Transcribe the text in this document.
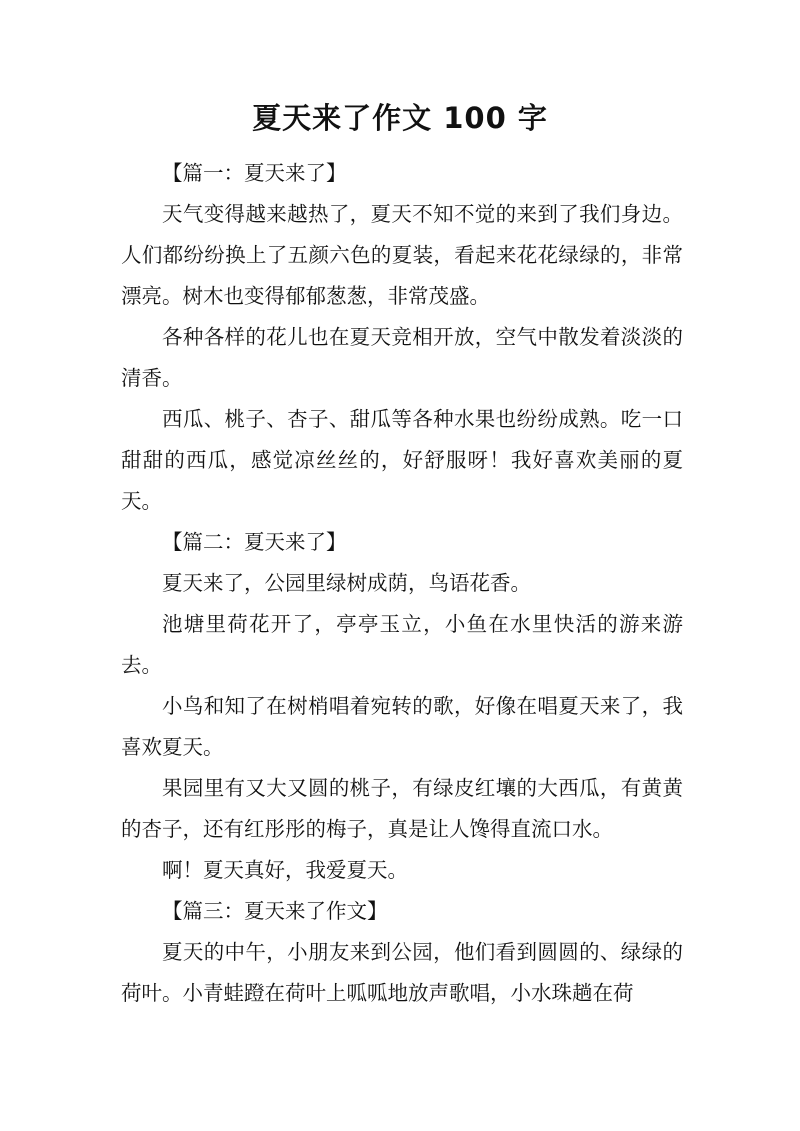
夏天来了作文 100 字

【篇一：夏天来了】

天气变得越来越热了，夏天不知不觉的来到了我们身边。人们都纷纷换上了五颜六色的夏装，看起来花花绿绿的，非常漂亮。树木也变得郁郁葱葱，非常茂盛。

各种各样的花儿也在夏天竞相开放，空气中散发着淡淡的清香。

西瓜、桃子、杏子、甜瓜等各种水果也纷纷成熟。吃一口甜甜的西瓜，感觉凉丝丝的，好舒服呀！我好喜欢美丽的夏天。

【篇二：夏天来了】

夏天来了，公园里绿树成荫，鸟语花香。

池塘里荷花开了，亭亭玉立，小鱼在水里快活的游来游去。

小鸟和知了在树梢唱着宛转的歌，好像在唱夏天来了，我喜欢夏天。

果园里有又大又圆的桃子，有绿皮红壤的大西瓜，有黄黄的杏子，还有红彤彤的梅子，真是让人馋得直流口水。

啊！夏天真好，我爱夏天。

【篇三：夏天来了作文】

夏天的中午，小朋友来到公园，他们看到圆圆的、绿绿的荷叶。小青蛙蹬在荷叶上呱呱地放声歌唱，小水珠趟在荷
